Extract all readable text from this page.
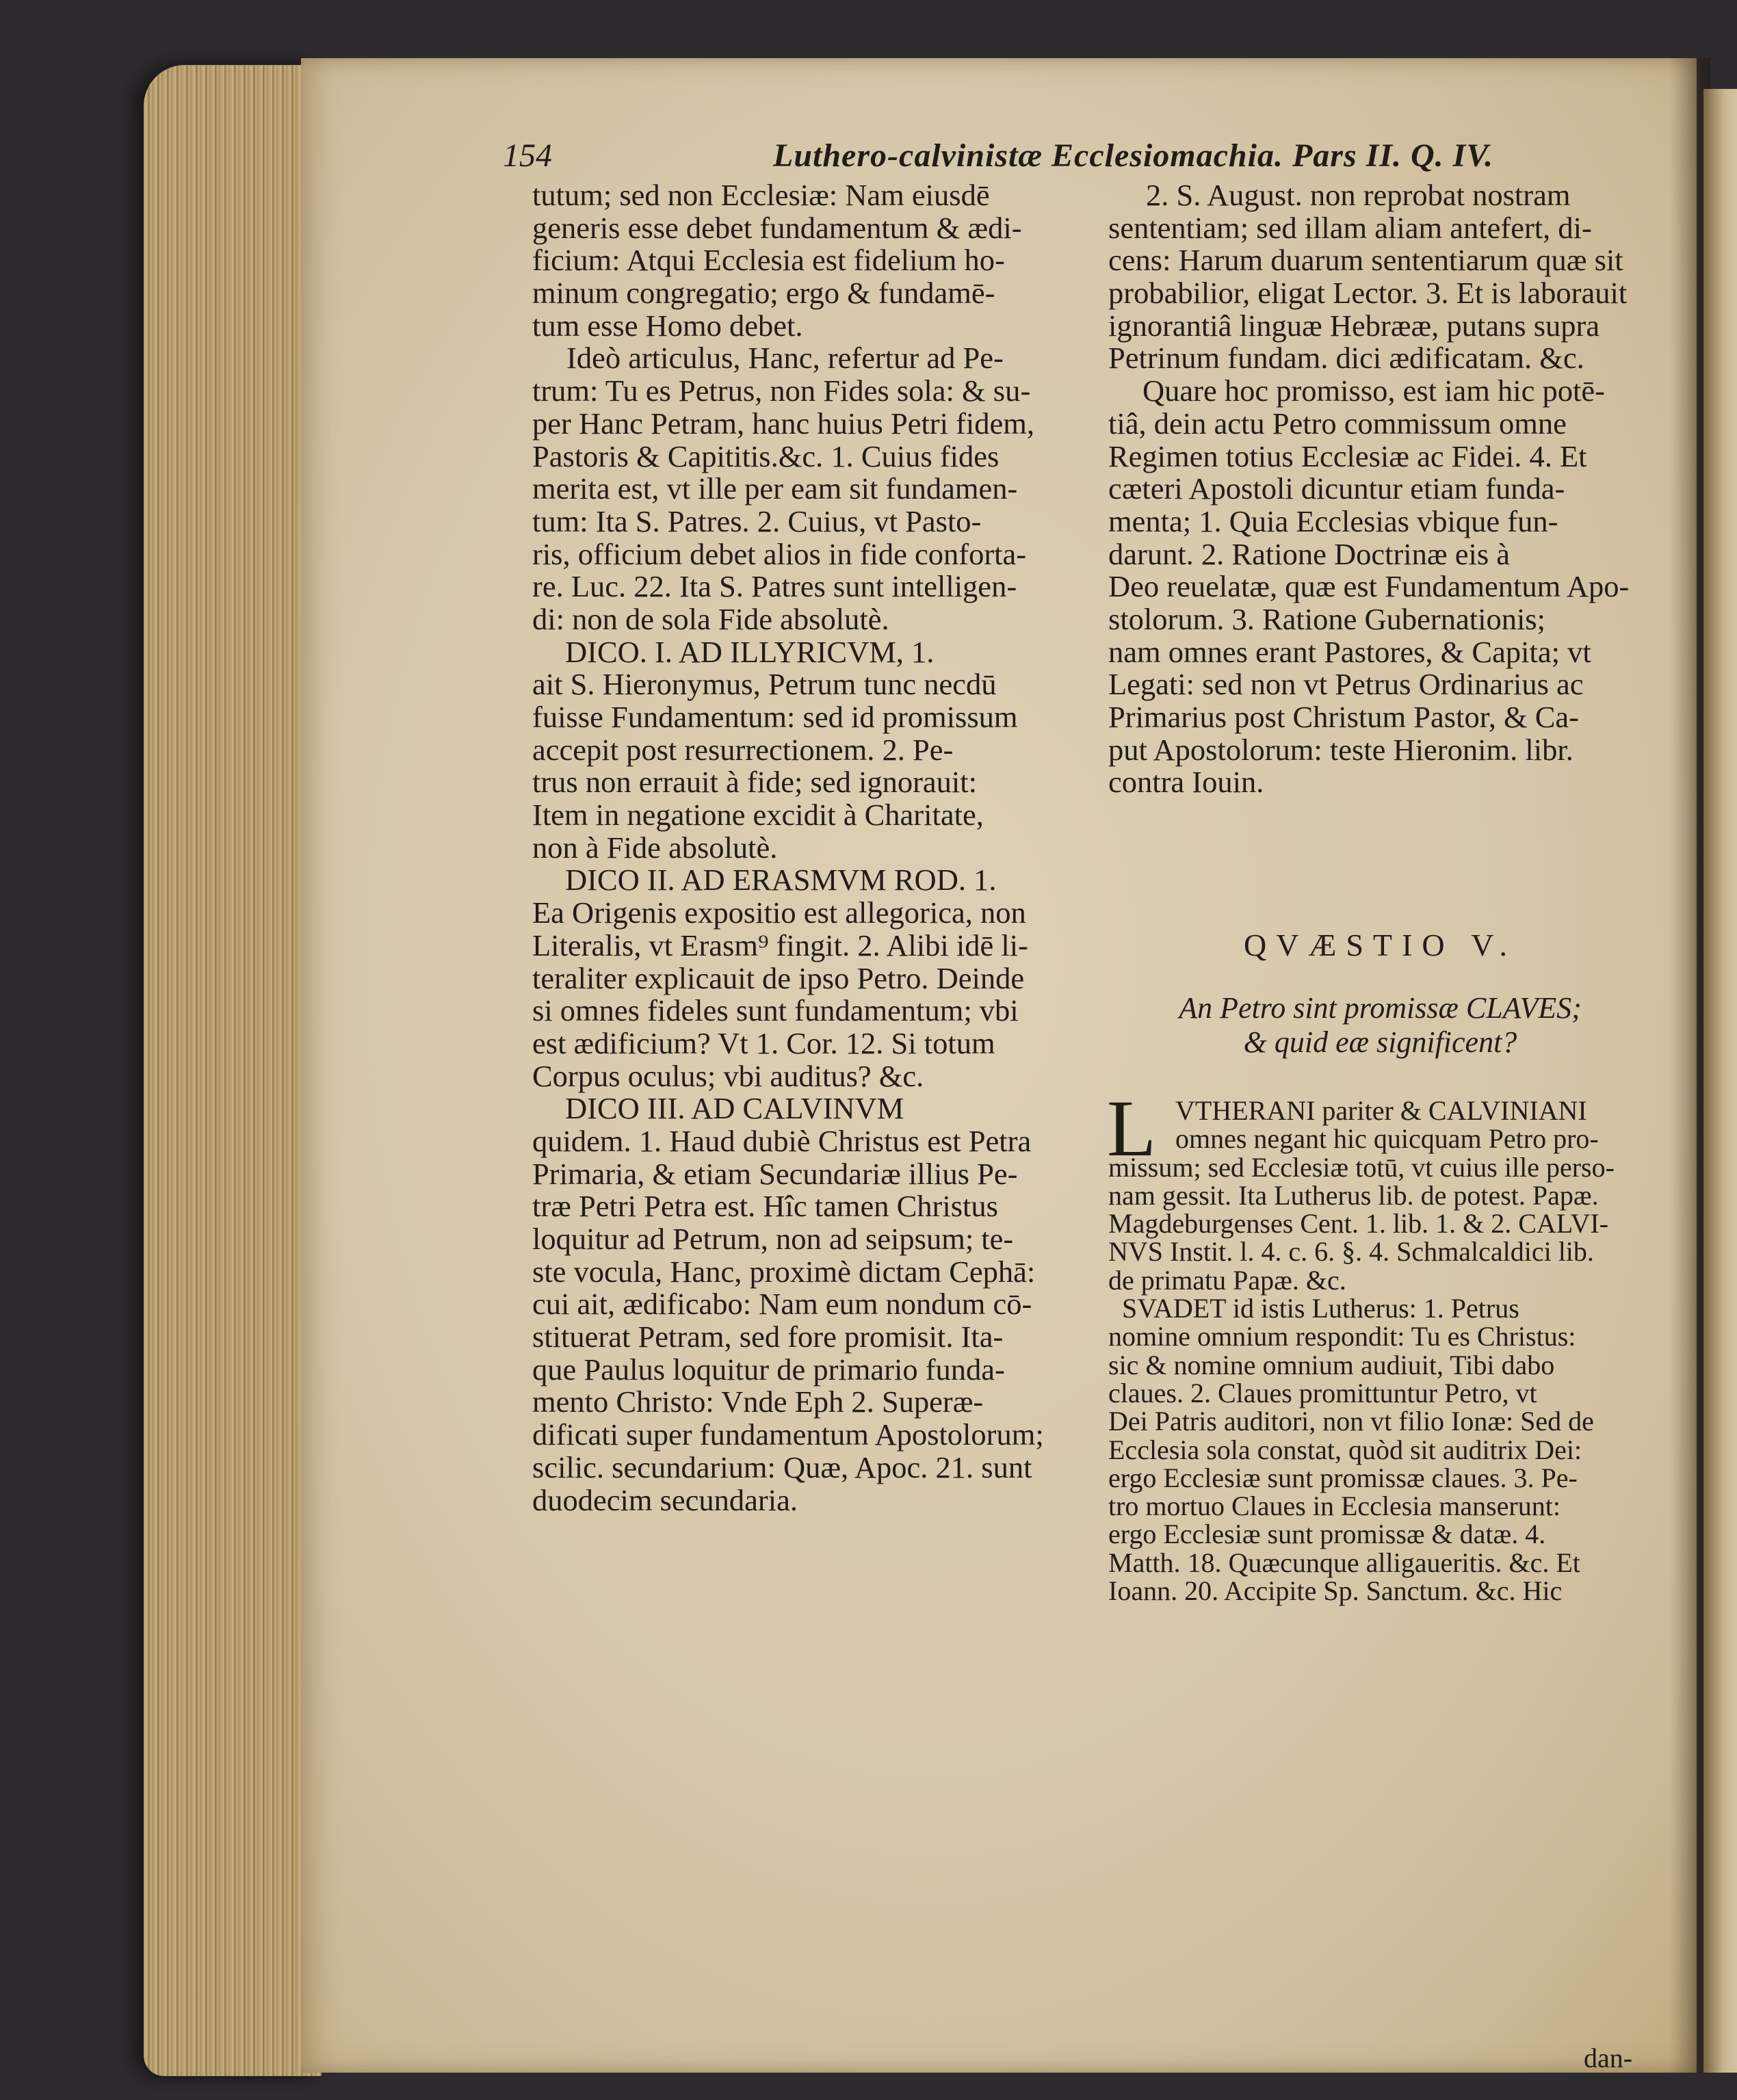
154	Luthero-calvinistæ Ecclesiomachia. Pars II. Q. IV.
tutum; sed non Ecclesiæ: Nam eiusdē
generis esse debet fundamentum & ædi-
ficium: Atqui Ecclesia est fidelium ho-
minum congregatio; ergo & fundamē-
tum esse Homo debet.
Ideò articulus, Hanc, refertur ad Pe-
trum: Tu es Petrus, non Fides sola: & su-
per Hanc Petram, hanc huius Petri fidem,
Pastoris & Capititis.&c. 1. Cuius fides
merita est, vt ille per eam sit fundamen-
tum: Ita S. Patres. 2. Cuius, vt Pasto-
ris, officium debet alios in fide conforta-
re. Luc. 22. Ita S. Patres sunt intelligen-
di: non de sola Fide absolutè.
DICO. I. AD ILLYRICVM, 1.
ait S. Hieronymus, Petrum tunc necdū
fuisse Fundamentum: sed id promissum
accepit post resurrectionem. 2. Pe-
trus non errauit à fide; sed ignorauit:
Item in negatione excidit à Charitate,
non à Fide absolutè.
DICO II. AD ERASMVM ROD. 1.
Ea Origenis expositio est allegorica, non
Literalis, vt Erasm⁹ fingit. 2. Alibi idē li-
teraliter explicauit de ipso Petro. Deinde
si omnes fideles sunt fundamentum; vbi
est ædificium? Vt 1. Cor. 12. Si totum
Corpus oculus; vbi auditus? &c.
DICO III. AD CALVINVM
quidem. 1. Haud dubiè Christus est Petra
Primaria, & etiam Secundariæ illius Pe-
træ Petri Petra est. Hîc tamen Christus
loquitur ad Petrum, non ad seipsum; te-
ste vocula, Hanc, proximè dictam Cephā:
cui ait, ædificabo: Nam eum nondum cō-
stituerat Petram, sed fore promisit. Ita-
que Paulus loquitur de primario funda-
mento Christo: Vnde Eph 2. Superæ-
dificati super fundamentum Apostolorum;
scilic. secundarium: Quæ, Apoc. 21. sunt
duodecim secundaria.
2. S. August. non reprobat nostram
sententiam; sed illam aliam antefert, di-
cens: Harum duarum sententiarum quæ sit
probabilior, eligat Lector. 3. Et is laborauit
ignorantiâ linguæ Hebrææ, putans supra
Petrinum fundam. dici ædificatam. &c.
Quare hoc promisso, est iam hic potē-
tiâ, dein actu Petro commissum omne
Regimen totius Ecclesiæ ac Fidei. 4. Et
cæteri Apostoli dicuntur etiam funda-
menta; 1. Quia Ecclesias vbique fun-
darunt. 2. Ratione Doctrinæ eis à
Deo reuelatæ, quæ est Fundamentum Apo-
stolorum. 3. Ratione Gubernationis;
nam omnes erant Pastores, & Capita; vt
Legati: sed non vt Petrus Ordinarius ac
Primarius post Christum Pastor, & Ca-
put Apostolorum: teste Hieronim. libr.
contra Iouin.
QVÆSTIO V.
An Petro sint promissæ CLAVES;
& quid eæ significent?
L VTHERANI pariter & CALVINIANI
omnes negant hic quicquam Petro pro-
missum; sed Ecclesiæ totū, vt cuius ille perso-
nam gessit. Ita Lutherus lib. de potest. Papæ.
Magdeburgenses Cent. 1. lib. 1. & 2. CALVI-
NVS Instit. l. 4. c. 6. §. 4. Schmalcaldici lib.
de primatu Papæ. &c.
SVADET id istis Lutherus: 1. Petrus
nomine omnium respondit: Tu es Christus:
sic & nomine omnium audiuit, Tibi dabo
claues. 2. Claues promittuntur Petro, vt
Dei Patris auditori, non vt filio Ionæ: Sed de
Ecclesia sola constat, quòd sit auditrix Dei:
ergo Ecclesiæ sunt promissæ claues. 3. Pe-
tro mortuo Claues in Ecclesia manserunt:
ergo Ecclesiæ sunt promissæ & datæ. 4.
Matth. 18. Quæcunque alligaueritis. &c. Et
Ioann. 20. Accipite Sp. Sanctum. &c. Hic
dan-
